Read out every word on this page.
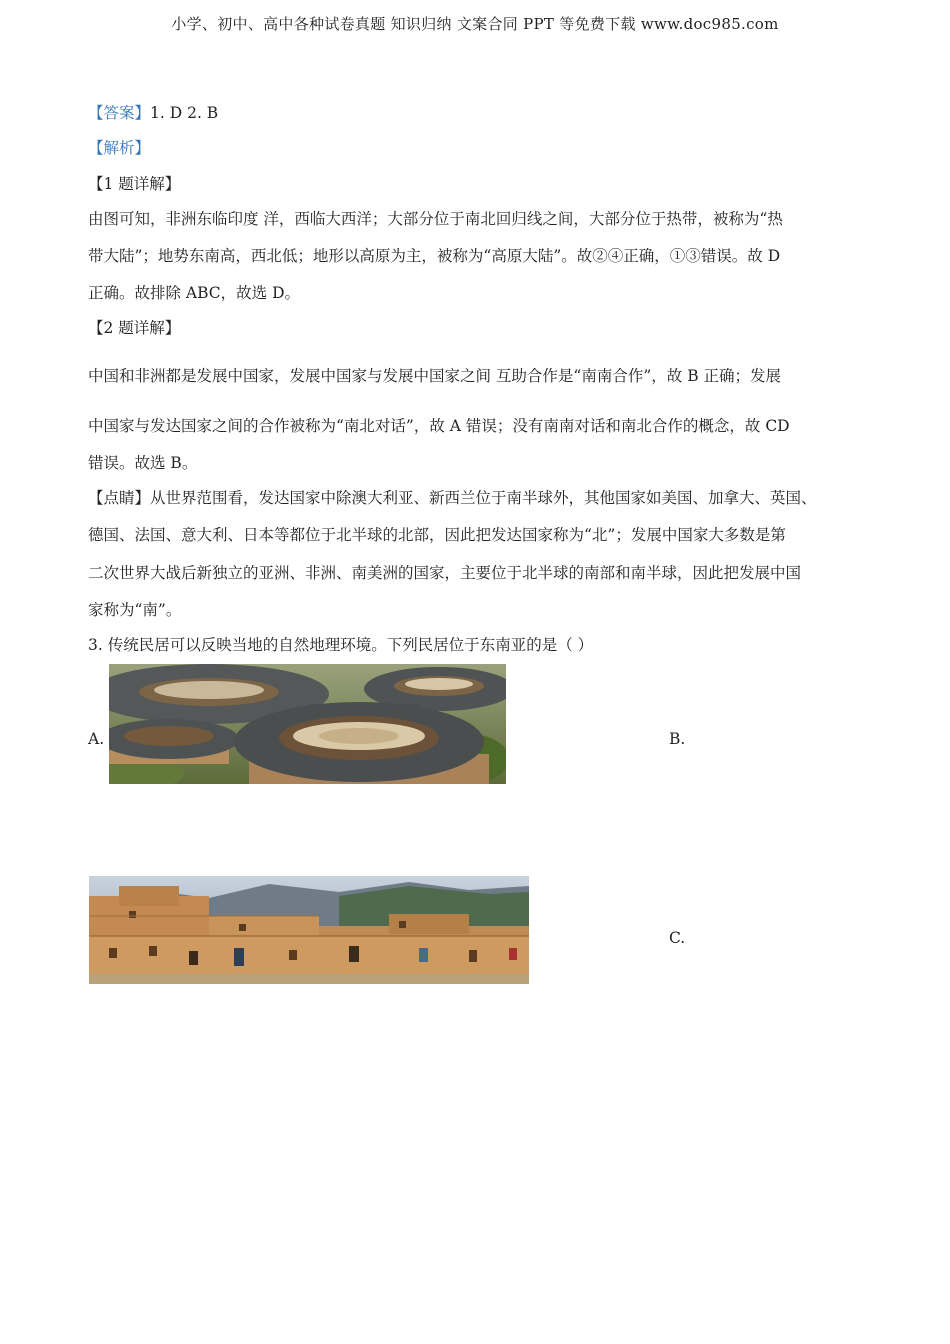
小学、初中、高中各种试卷真题 知识归纳 文案合同 PPT 等免费下载 www.doc985.com
【答案】1. D 2. B
【解析】
【1 题详解】
由图可知，非洲东临印度 洋，西临大西洋；大部分位于南北回归线之间，大部分位于热带，被称为“热
带大陆”；地势东南高，西北低；地形以高原为主，被称为“高原大陆”。故②④正确，①③错误。故 D
正确。故排除 ABC，故选 D。
【2 题详解】
中国和非洲都是发展中国家，发展中国家与发展中国家之间 互助合作是“南南合作”，故 B 正确；发展
中国家与发达国家之间的合作被称为“南北对话”，故 A 错误；没有南南对话和南北合作的概念，故 CD
错误。故选 B。
【点睛】从世界范围看，发达国家中除澳大利亚、新西兰位于南半球外，其他国家如美国、加拿大、英国、
德国、法国、意大利、日本等都位于北半球的北部，因此把发达国家称为“北”；发展中国家大多数是第
二次世界大战后新独立的亚洲、非洲、南美洲的国家，主要位于北半球的南部和南半球，因此把发展中国
家称为“南”。
3. 传统民居可以反映当地的自然地理环境。下列民居位于东南亚的是（ ）
A.	B.
C.
